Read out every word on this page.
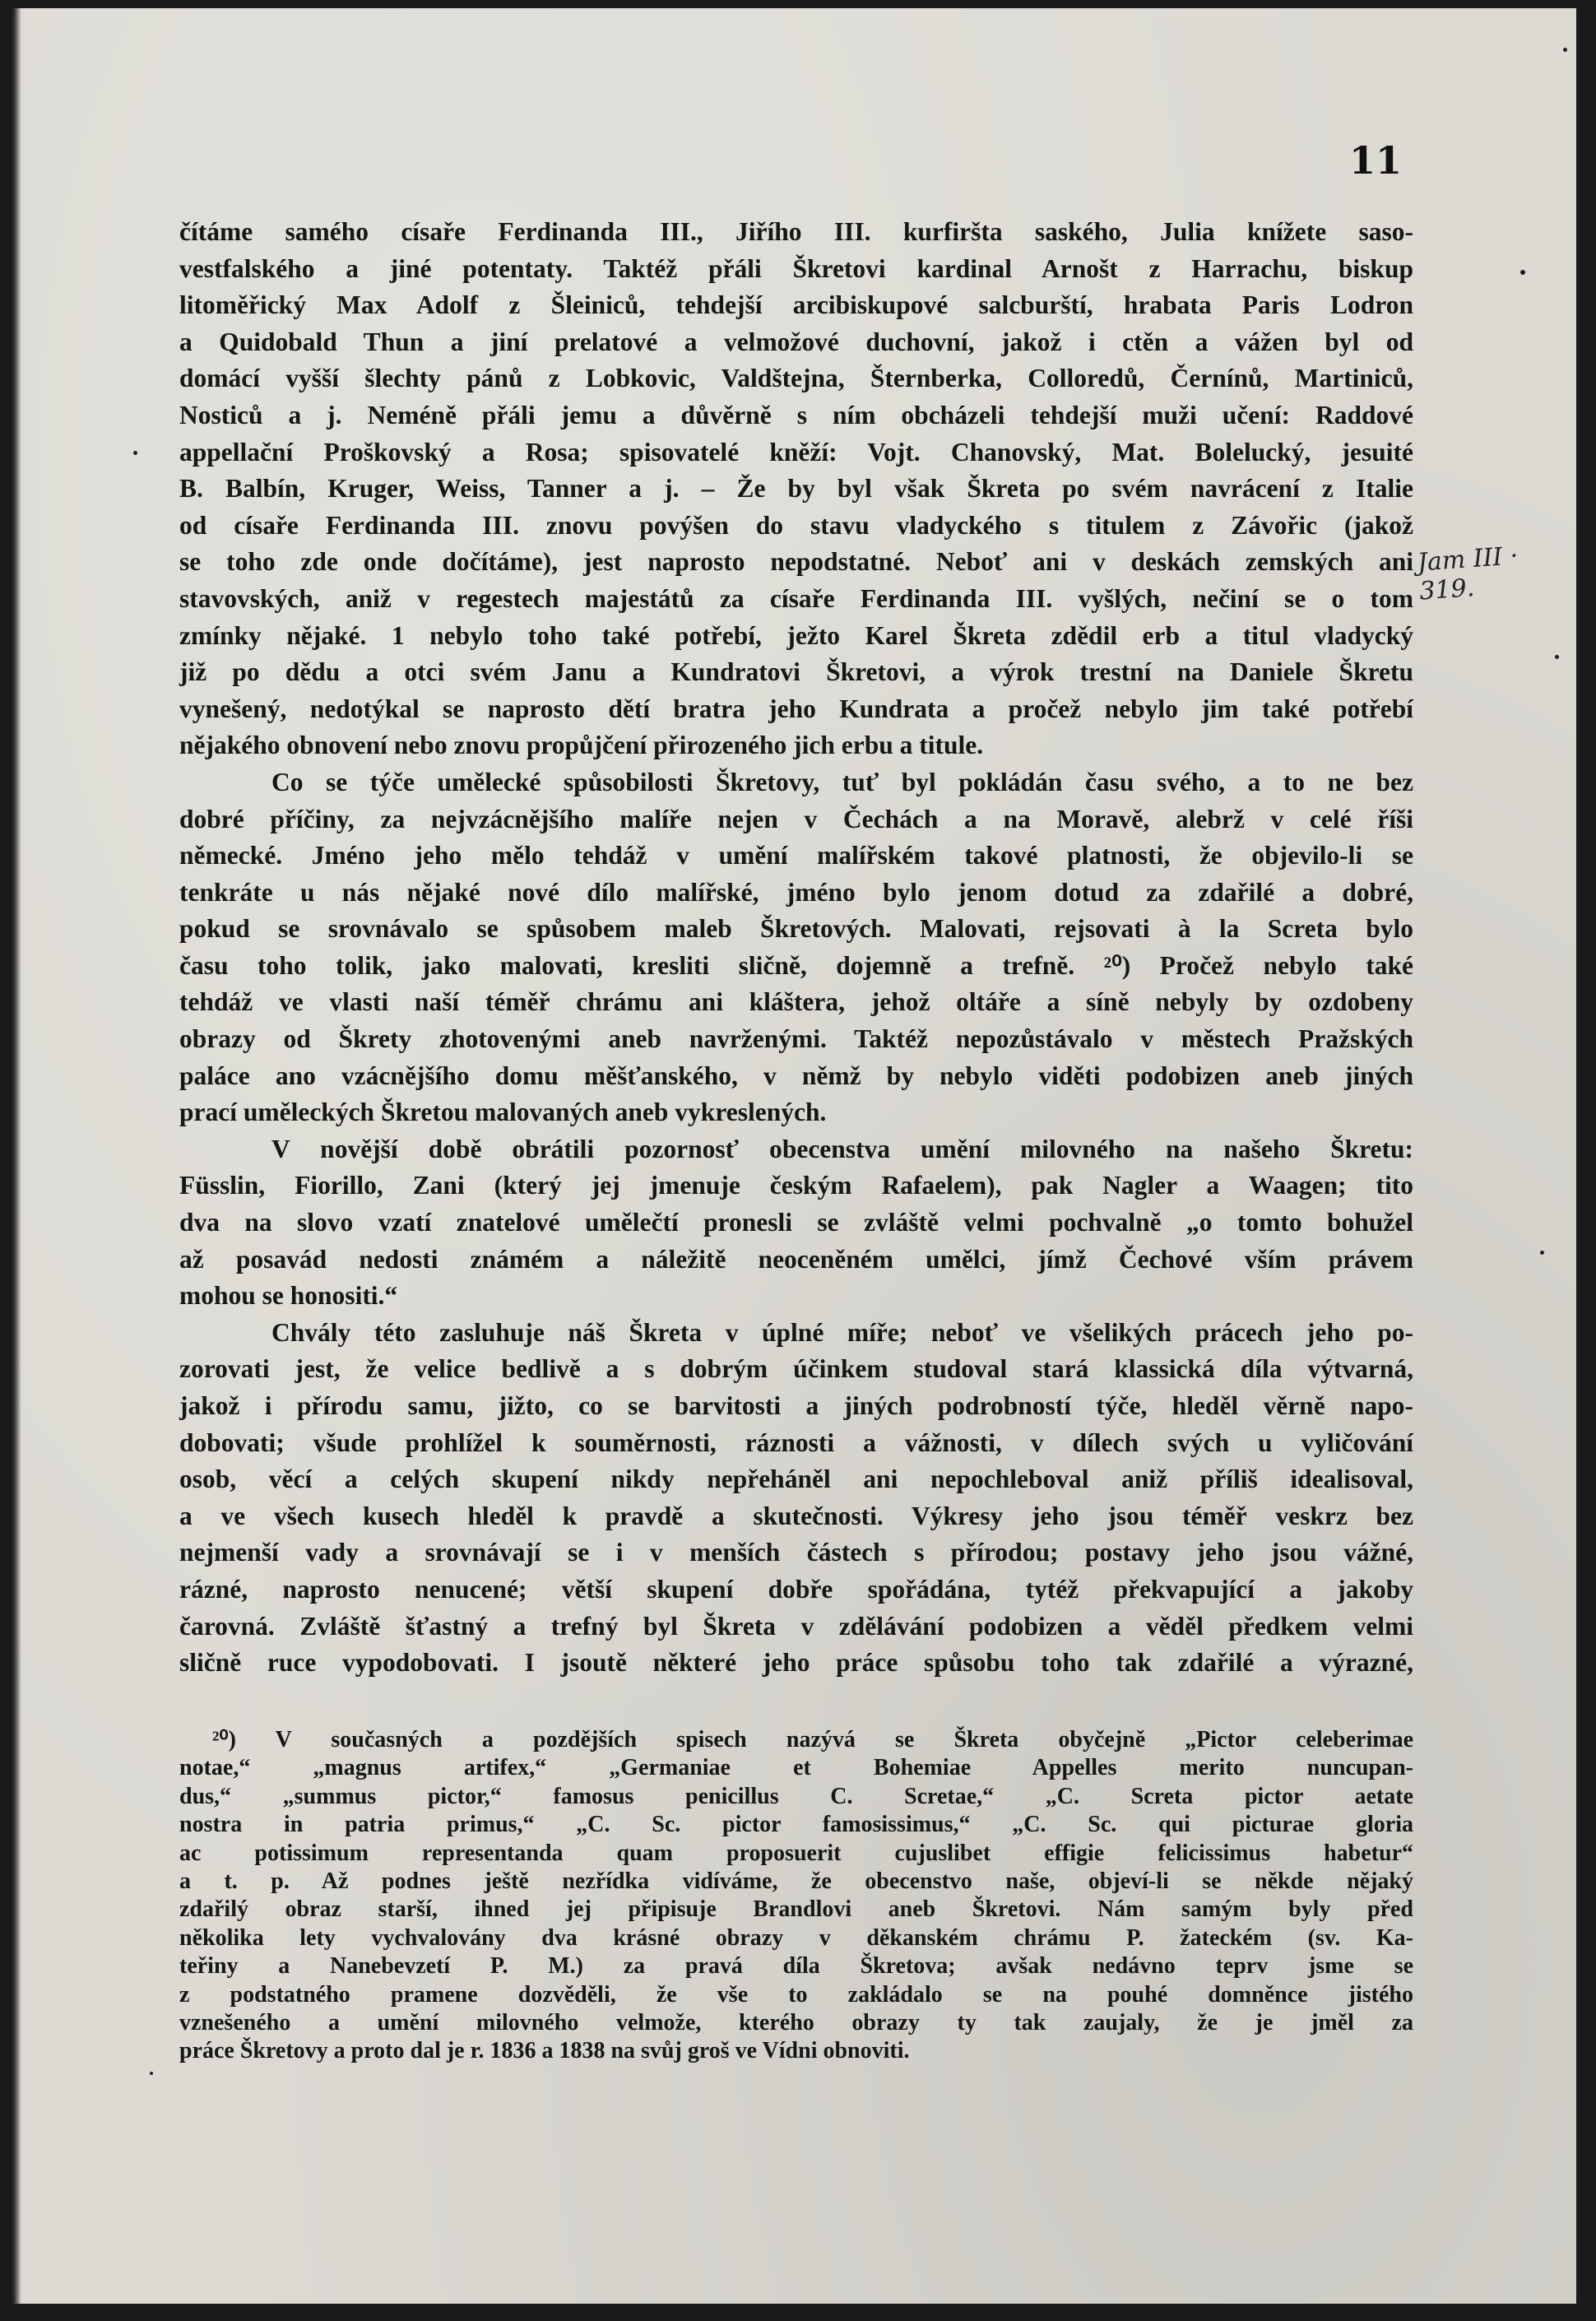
11
čítáme samého císaře Ferdinanda III., Jiřího III. kurfiršta saského, Julia knížete saso-
vestfalského a jiné potentaty. Taktéž přáli Škretovi kardinal Arnošt z Harrachu, biskup
litoměřický Max Adolf z Šleiniců, tehdejší arcibiskupové salcburští, hrabata Paris Lodron
a Quidobald Thun a jiní prelatové a velmožové duchovní, jakož i ctěn a vážen byl od
domácí vyšší šlechty pánů z Lobkovic, Valdštejna, Šternberka, Colloredů, Černínů, Martiniců,
Nosticů a j. Neméně přáli jemu a důvěrně s ním obcházeli tehdejší muži učení: Raddové
appellační Proškovský a Rosa; spisovatelé kněží: Vojt. Chanovský, Mat. Bolelucký, jesuité
B. Balbín, Kruger, Weiss, Tanner a j. – Že by byl však Škreta po svém navrácení z Italie
od císaře Ferdinanda III. znovu povýšen do stavu vladyckého s titulem z Závořic (jakož
se toho zde onde dočítáme), jest naprosto nepodstatné. Neboť ani v deskách zemských ani
stavovských, aniž v regestech majestátů za císaře Ferdinanda III. vyšlých, nečiní se o tom
zmínky nějaké. 1 nebylo toho také potřebí, ježto Karel Škreta zdědil erb a titul vladycký
již po dědu a otci svém Janu a Kundratovi Škretovi, a výrok trestní na Daniele Škretu
vynešený, nedotýkal se naprosto dětí bratra jeho Kundrata a pročež nebylo jim také potřebí
nějakého obnovení nebo znovu propůjčení přirozeného jich erbu a titule.
Co se týče umělecké spůsobilosti Škretovy, tuť byl pokládán času svého, a to ne bez
dobré příčiny, za nejvzácnějšího malíře nejen v Čechách a na Moravě, alebrž v celé říši
německé. Jméno jeho mělo tehdáž v umění malířském takové platnosti, že objevilo-li se
tenkráte u nás nějaké nové dílo malířské, jméno bylo jenom dotud za zdařilé a dobré,
pokud se srovnávalo se spůsobem maleb Škretových. Malovati, rejsovati à la Screta bylo
času toho tolik, jako malovati, kresliti sličně, dojemně a trefně. ²⁰) Pročež nebylo také
tehdáž ve vlasti naší téměř chrámu ani kláštera, jehož oltáře a síně nebyly by ozdobeny
obrazy od Škrety zhotovenými aneb navrženými. Taktéž nepozůstávalo v městech Pražských
paláce ano vzácnějšího domu měšťanského, v němž by nebylo viděti podobizen aneb jiných
prací uměleckých Škretou malovaných aneb vykreslených.
V novější době obrátili pozornosť obecenstva umění milovného na našeho Škretu:
Füsslin, Fiorillo, Zani (který jej jmenuje českým Rafaelem), pak Nagler a Waagen; tito
dva na slovo vzatí znatelové umělečtí pronesli se zvláště velmi pochvalně „o tomto bohužel
až posavád nedosti známém a náležitě neoceněném umělci, jímž Čechové vším právem
mohou se honositi.“
Chvály této zasluhuje náš Škreta v úplné míře; neboť ve všelikých prácech jeho po-
zorovati jest, že velice bedlivě a s dobrým účinkem studoval stará klassická díla výtvarná,
jakož i přírodu samu, jižto, co se barvitosti a jiných podrobností týče, hleděl věrně napo-
dobovati; všude prohlížel k souměrnosti, ráznosti a vážnosti, v dílech svých u vyličování
osob, věcí a celých skupení nikdy nepřeháněl ani nepochleboval aniž příliš idealisoval,
a ve všech kusech hleděl k pravdě a skutečnosti. Výkresy jeho jsou téměř veskrz bez
nejmenší vady a srovnávají se i v menších částech s přírodou; postavy jeho jsou vážné,
rázné, naprosto nenucené; větší skupení dobře spořádána, tytéž překvapující a jakoby
čarovná. Zvláště šťastný a trefný byl Škreta v zdělávání podobizen a věděl předkem velmi
sličně ruce vypodobovati. I jsoutě některé jeho práce spůsobu toho tak zdařilé a výrazné,
Jam III · 319.
²⁰) V současných a pozdějších spisech nazývá se Škreta obyčejně „Pictor celeberimae
notae,“ „magnus artifex,“ „Germaniae et Bohemiae Appelles merito nuncupan-
dus,“ „summus pictor,“ famosus penicillus C. Scretae,“ „C. Screta pictor aetate
nostra in patria primus,“ „C. Sc. pictor famosissimus,“ „C. Sc. qui picturae gloria
ac potissimum representanda quam proposuerit cujuslibet effigie felicissimus habetur“
a t. p. Až podnes ještě nezřídka vidíváme, že obecenstvo naše, objeví-li se někde nějaký
zdařilý obraz starší, ihned jej připisuje Brandlovi aneb Škretovi. Nám samým byly před
několika lety vychvalovány dva krásné obrazy v děkanském chrámu P. žateckém (sv. Ka-
teřiny a Nanebevzetí P. M.) za pravá díla Škretova; avšak nedávno teprv jsme se
z podstatného pramene dozvěděli, že vše to zakládalo se na pouhé domněnce jistého
vznešeného a umění milovného velmože, kterého obrazy ty tak zaujaly, že je jměl za
práce Škretovy a proto dal je r. 1836 a 1838 na svůj groš ve Vídni obnoviti.
